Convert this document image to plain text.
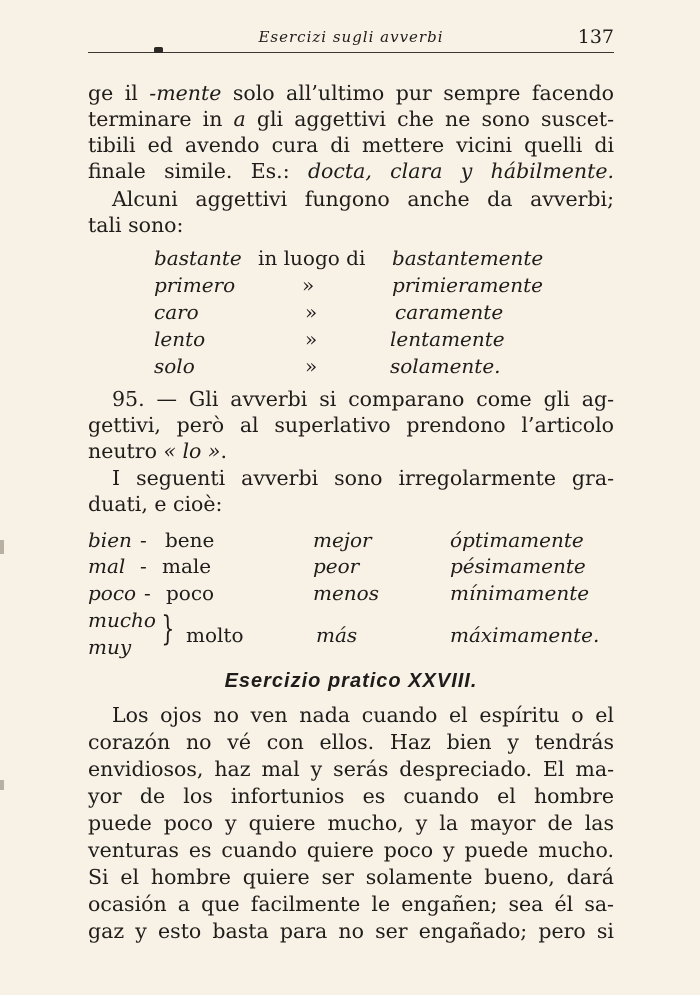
Esercizi sugli avverbi	137
ge il -mente solo all’ultimo pur sempre facendo
terminare in a gli aggettivi che ne sono suscet-
tibili ed avendo cura di mettere vicini quelli di
finale simile. Es.: docta, clara y hábilmente.
Alcuni aggettivi fungono anche da avverbi;
tali sono:
bastante in luogo di bastantemente
primero	»	primieramente
caro	»	caramente
lento	»	lentamente
solo	»	solamente.
95. — Gli avverbi si comparano come gli ag-
gettivi, però al superlativo prendono l’articolo
neutro « lo ».
I seguenti avverbi sono irregolarmente gra-
duati, e cioè:
bien - bene	mejor	óptimamente
mal - male	peor	pésimamente
poco - poco	menos	mínimamente
mucho
muy } molto	más	máximamente.
Esercizio pratico XXVIII.
Los ojos no ven nada cuando el espíritu o el
corazón no vé con ellos. Haz bien y tendrás
envidiosos, haz mal y serás despreciado. El ma-
yor de los infortunios es cuando el hombre
puede poco y quiere mucho, y la mayor de las
venturas es cuando quiere poco y puede mucho.
Si el hombre quiere ser solamente bueno, dará
ocasión a que facilmente le engañen; sea él sa-
gaz y esto basta para no ser engañado; pero si
